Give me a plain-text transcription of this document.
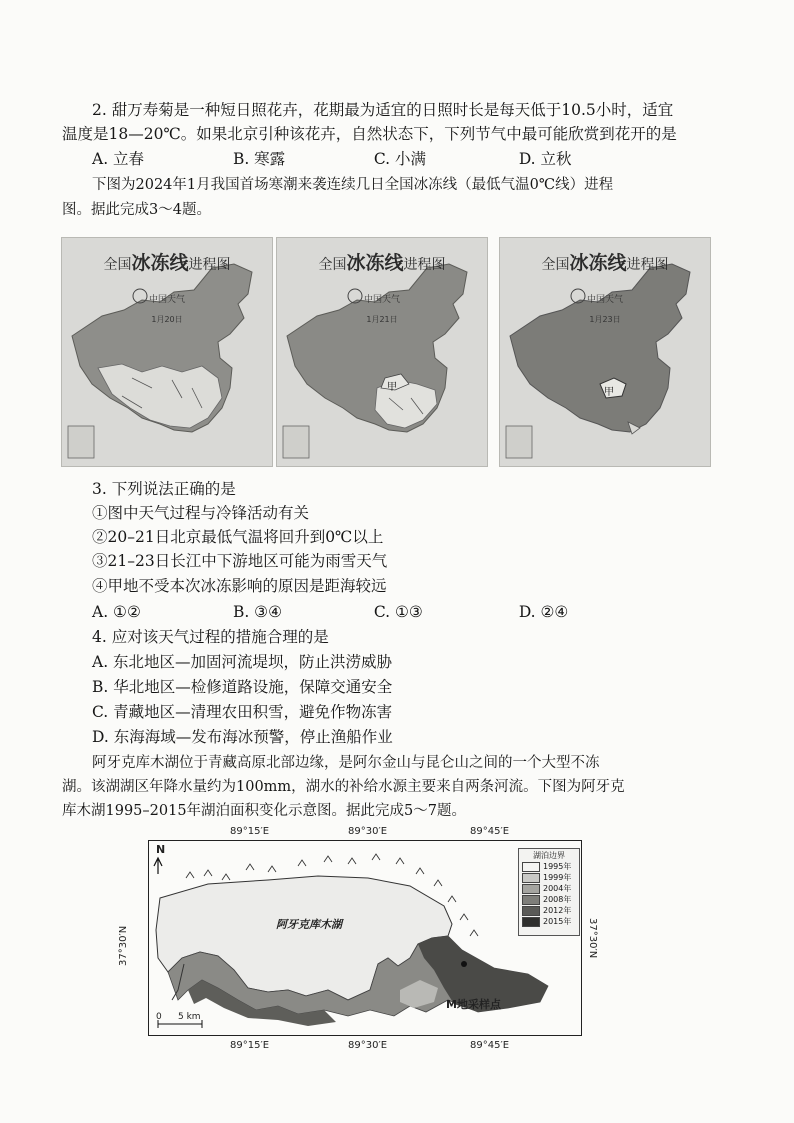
2. 甜万寿菊是一种短日照花卉，花期最为适宜的日照时长是每天低于10.5小时，适宜
温度是18—20℃。如果北京引种该花卉，自然状态下，下列节气中最可能欣赏到花开的是
A. 立春	B. 寒露	C. 小满	D. 立秋
下图为2024年1月我国首场寒潮来袭连续几日全国冰冻线（最低气温0℃线）进程
图。据此完成3～4题。
全国冰冻线进程图
中国天气
1月20日
全国冰冻线进程图
中国天气
1月21日
甲
全国冰冻线进程图
中国天气
1月23日
甲
3. 下列说法正确的是
①图中天气过程与冷锋活动有关
②20–21日北京最低气温将回升到0℃以上
③21–23日长江中下游地区可能为雨雪天气
④甲地不受本次冰冻影响的原因是距海较远
A. ①②	B. ③④	C. ①③	D. ②④
4. 应对该天气过程的措施合理的是
A. 东北地区—加固河流堤坝，防止洪涝威胁
B. 华北地区—检修道路设施，保障交通安全
C. 青藏地区—清理农田积雪，避免作物冻害
D. 东海海域—发布海冰预警，停止渔船作业
阿牙克库木湖位于青藏高原北部边缘，是阿尔金山与昆仑山之间的一个大型不冻
湖。该湖湖区年降水量约为100mm，湖水的补给水源主要来自两条河流。下图为阿牙克
库木湖1995–2015年湖泊面积变化示意图。据此完成5～7题。
89°15′E	89°30′E	89°45′E
89°15′E	89°30′E	89°45′E
37°30′N	37°30′N
N
阿牙克库木湖
M地采样点
0 5 km
湖泊边界
1995年
1999年
2004年
2008年
2012年
2015年
